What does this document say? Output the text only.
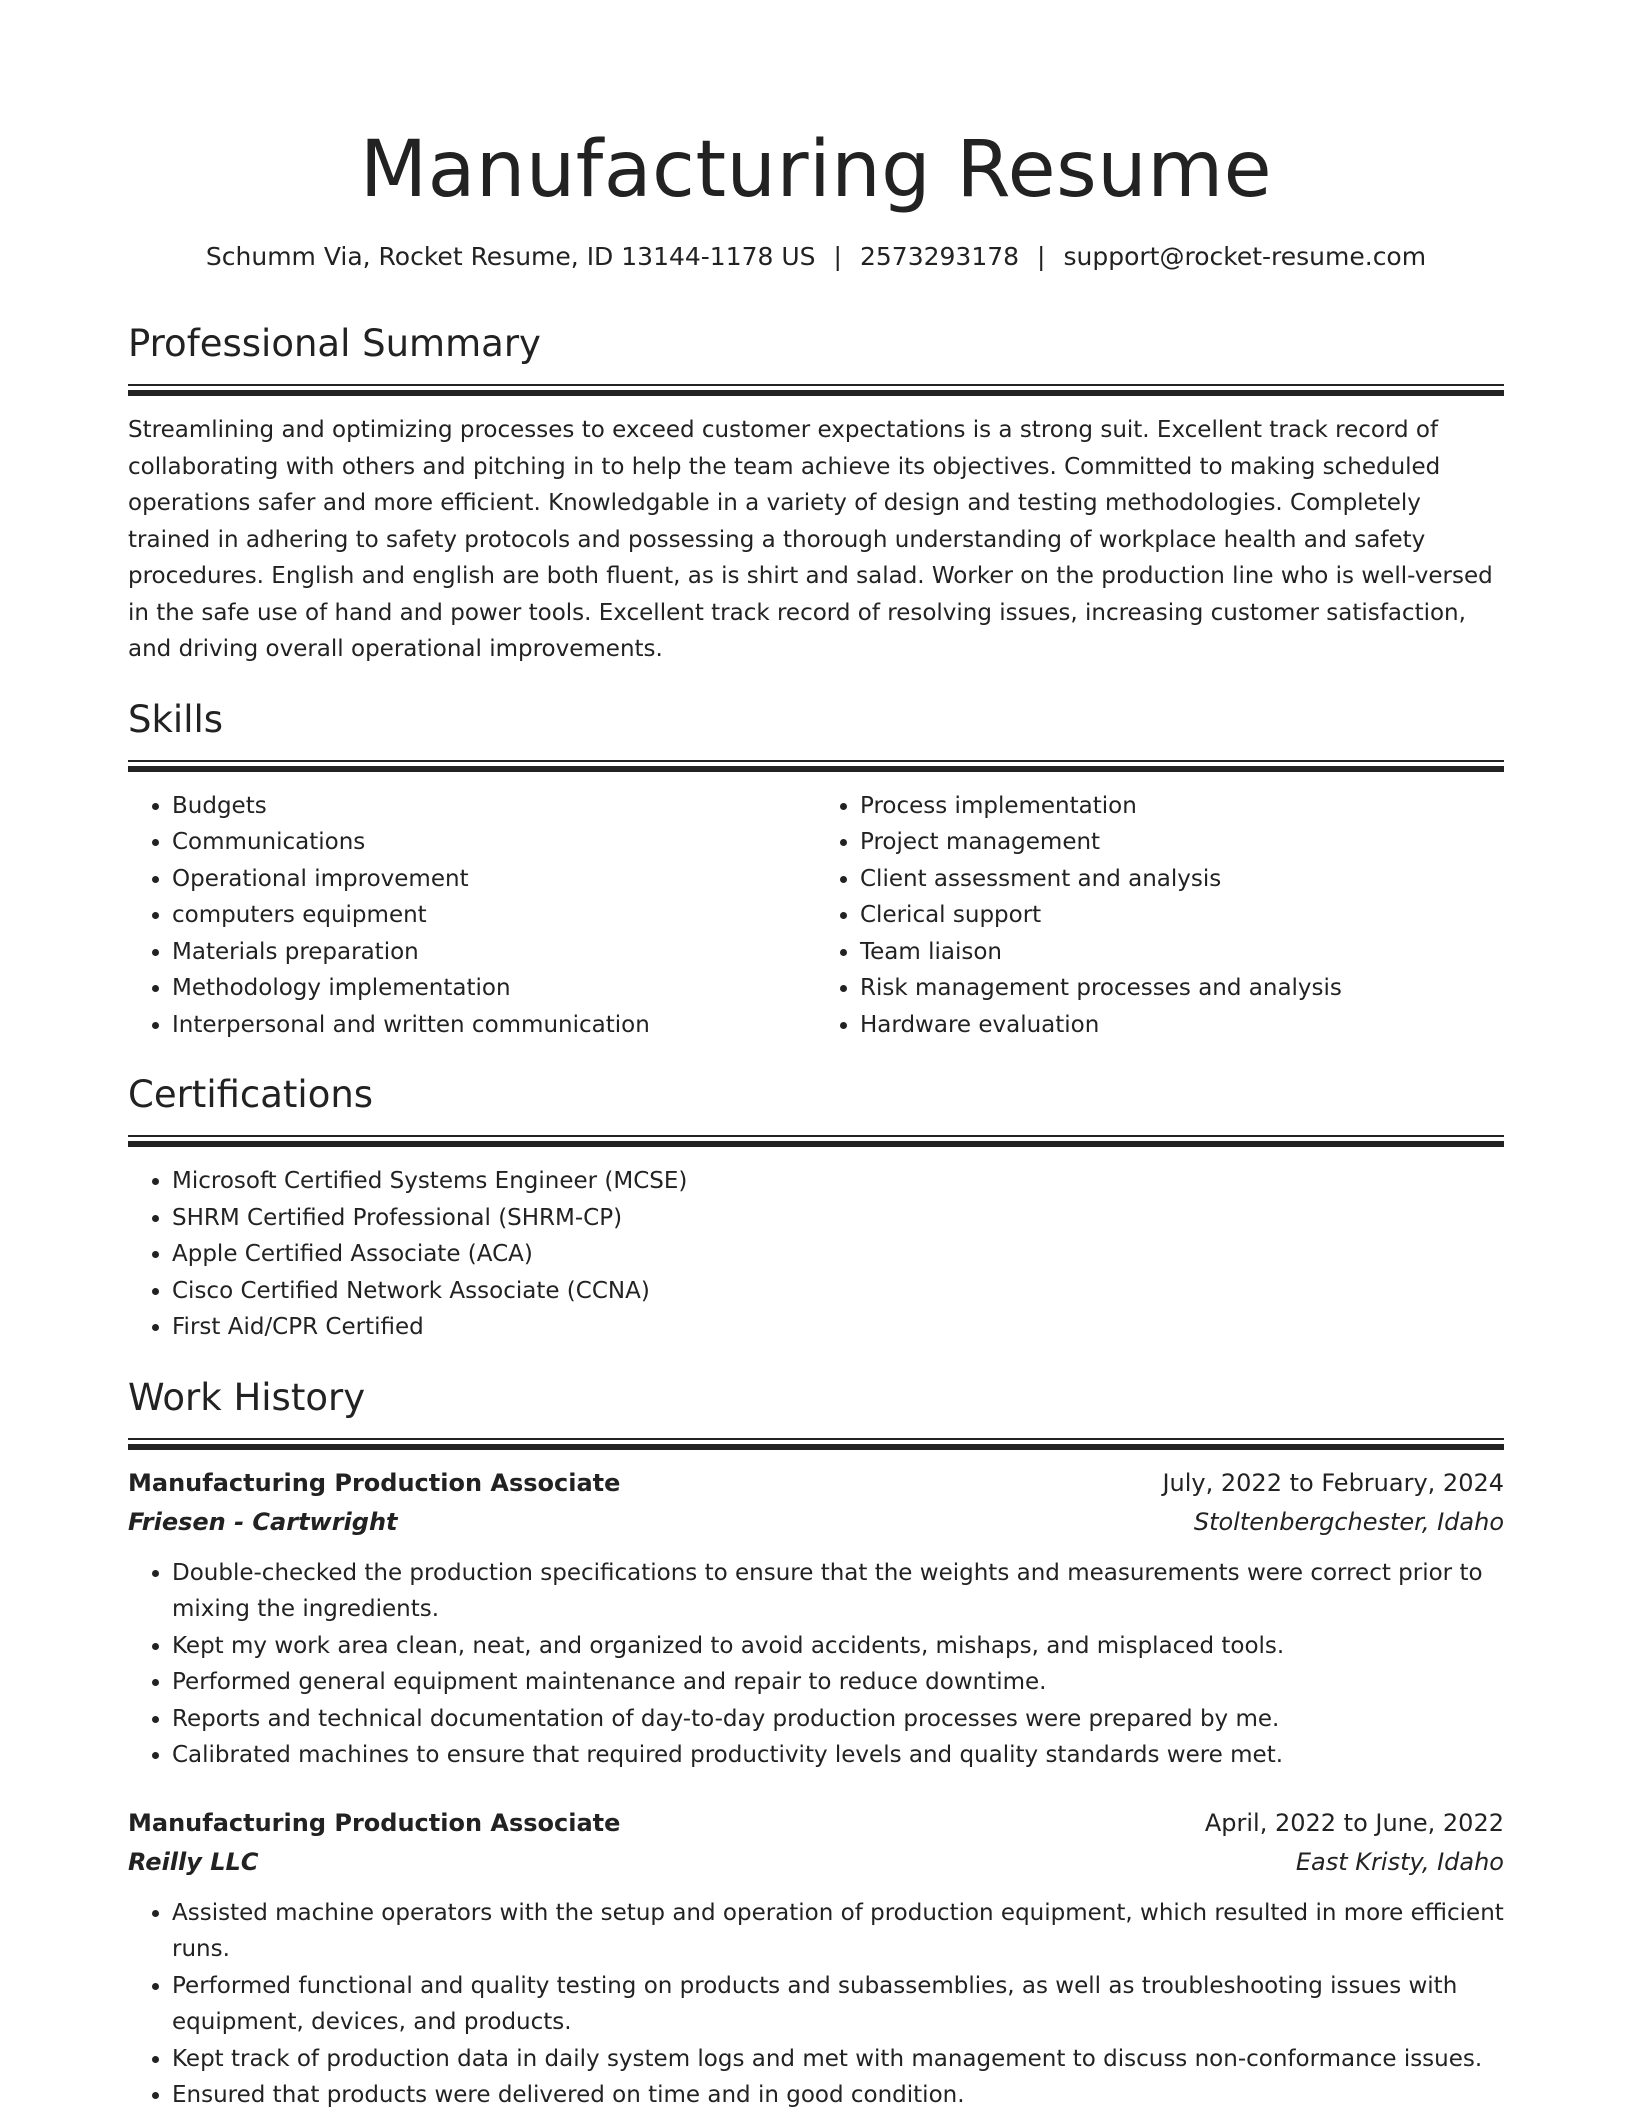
Manufacturing Resume
Schumm Via, Rocket Resume, ID 13144-1178 US | 2573293178 | support@rocket-resume.com
Professional Summary
Streamlining and optimizing processes to exceed customer expectations is a strong suit. Excellent track record of collaborating with others and pitching in to help the team achieve its objectives. Committed to making scheduled operations safer and more efficient. Knowledgable in a variety of design and testing methodologies. Completely trained in adhering to safety protocols and possessing a thorough understanding of workplace health and safety procedures. English and english are both fluent, as is shirt and salad. Worker on the production line who is well-versed in the safe use of hand and power tools. Excellent track record of resolving issues, increasing customer satisfaction, and driving overall operational improvements.
Skills
• Budgets
• Communications
• Operational improvement
• computers equipment
• Materials preparation
• Methodology implementation
• Interpersonal and written communication
• Process implementation
• Project management
• Client assessment and analysis
• Clerical support
• Team liaison
• Risk management processes and analysis
• Hardware evaluation
Certifications
• Microsoft Certified Systems Engineer (MCSE)
• SHRM Certified Professional (SHRM-CP)
• Apple Certified Associate (ACA)
• Cisco Certified Network Associate (CCNA)
• First Aid/CPR Certified
Work History
Manufacturing Production Associate	July, 2022 to February, 2024
Friesen - Cartwright	Stoltenbergchester, Idaho
• Double-checked the production specifications to ensure that the weights and measurements were correct prior to mixing the ingredients.
• Kept my work area clean, neat, and organized to avoid accidents, mishaps, and misplaced tools.
• Performed general equipment maintenance and repair to reduce downtime.
• Reports and technical documentation of day-to-day production processes were prepared by me.
• Calibrated machines to ensure that required productivity levels and quality standards were met.
Manufacturing Production Associate	April, 2022 to June, 2022
Reilly LLC	East Kristy, Idaho
• Assisted machine operators with the setup and operation of production equipment, which resulted in more efficient runs.
• Performed functional and quality testing on products and subassemblies, as well as troubleshooting issues with equipment, devices, and products.
• Kept track of production data in daily system logs and met with management to discuss non-conformance issues.
• Ensured that products were delivered on time and in good condition.
